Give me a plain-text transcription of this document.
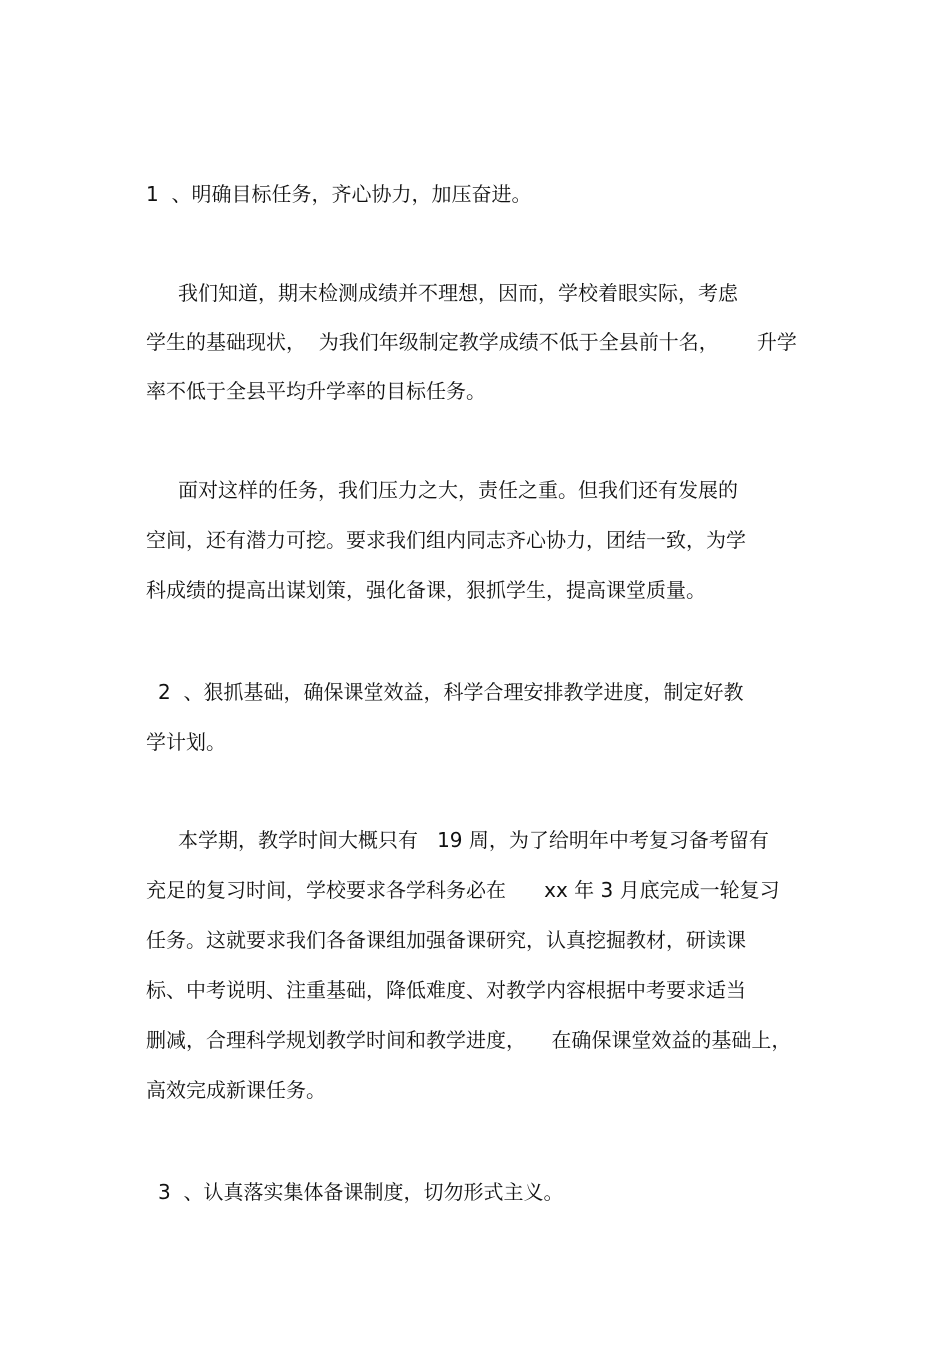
1  、明确目标任务，齐心协力，加压奋进。
我们知道，期末检测成绩并不理想，因而，学校着眼实际，考虑
学生的基础现状，  为我们年级制定教学成绩不低于全县前十名，      升学
率不低于全县平均升学率的目标任务。
面对这样的任务，我们压力之大，责任之重。但我们还有发展的
空间，还有潜力可挖。要求我们组内同志齐心协力，团结一致，为学
科成绩的提高出谋划策，强化备课，狠抓学生，提高课堂质量。
2  、狠抓基础，确保课堂效益，科学合理安排教学进度，制定好教
学计划。
本学期，教学时间大概只有   19 周，为了给明年中考复习备考留有
充足的复习时间，学校要求各学科务必在      xx 年 3 月底完成一轮复习
任务。这就要求我们各备课组加强备课研究，认真挖掘教材，研读课
标、中考说明、注重基础，降低难度、对教学内容根据中考要求适当
删减，合理科学规划教学时间和教学进度，    在确保课堂效益的基础上，
高效完成新课任务。
3  、认真落实集体备课制度，切勿形式主义。
